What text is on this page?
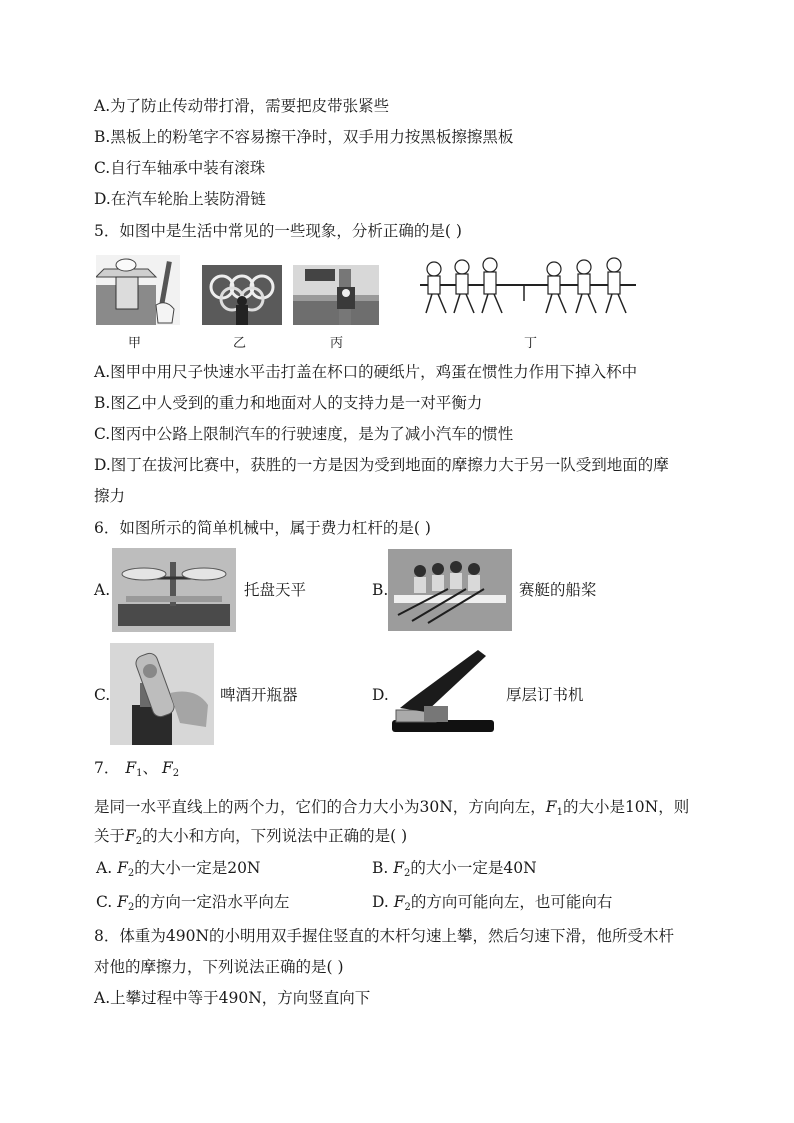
A.为了防止传动带打滑，需要把皮带张紧些
B.黑板上的粉笔字不容易擦干净时，双手用力按黑板擦擦黑板
C.自行车轴承中装有滚珠
D.在汽车轮胎上装防滑链
5．如图中是生活中常见的一些现象，分析正确的是( )
甲	乙	丙	丁
A.图甲中用尺子快速水平击打盖在杯口的硬纸片，鸡蛋在惯性力作用下掉入杯中
B.图乙中人受到的重力和地面对人的支持力是一对平衡力
C.图丙中公路上限制汽车的行驶速度，是为了减小汽车的惯性
D.图丁在拔河比赛中，获胜的一方是因为受到地面的摩擦力大于另一队受到地面的摩
擦力
6．如图所示的简单机械中，属于费力杠杆的是( )
A.	托盘天平	B.	赛艇的船桨
C.	啤酒开瓶器	D.	厚层订书机
7． $F_1$、 $F_2$
是同一水平直线上的两个力，它们的合力大小为30N，方向向左，$F_1$的大小是10N，则
关于$F_2$的大小和方向，下列说法中正确的是( )
A. $F_2$的大小一定是20N	B. $F_2$的大小一定是40N
C. $F_2$的方向一定沿水平向左	D. $F_2$的方向可能向左，也可能向右
8．体重为490N的小明用双手握住竖直的木杆匀速上攀，然后匀速下滑，他所受木杆
对他的摩擦力，下列说法正确的是( )
A.上攀过程中等于490N，方向竖直向下
